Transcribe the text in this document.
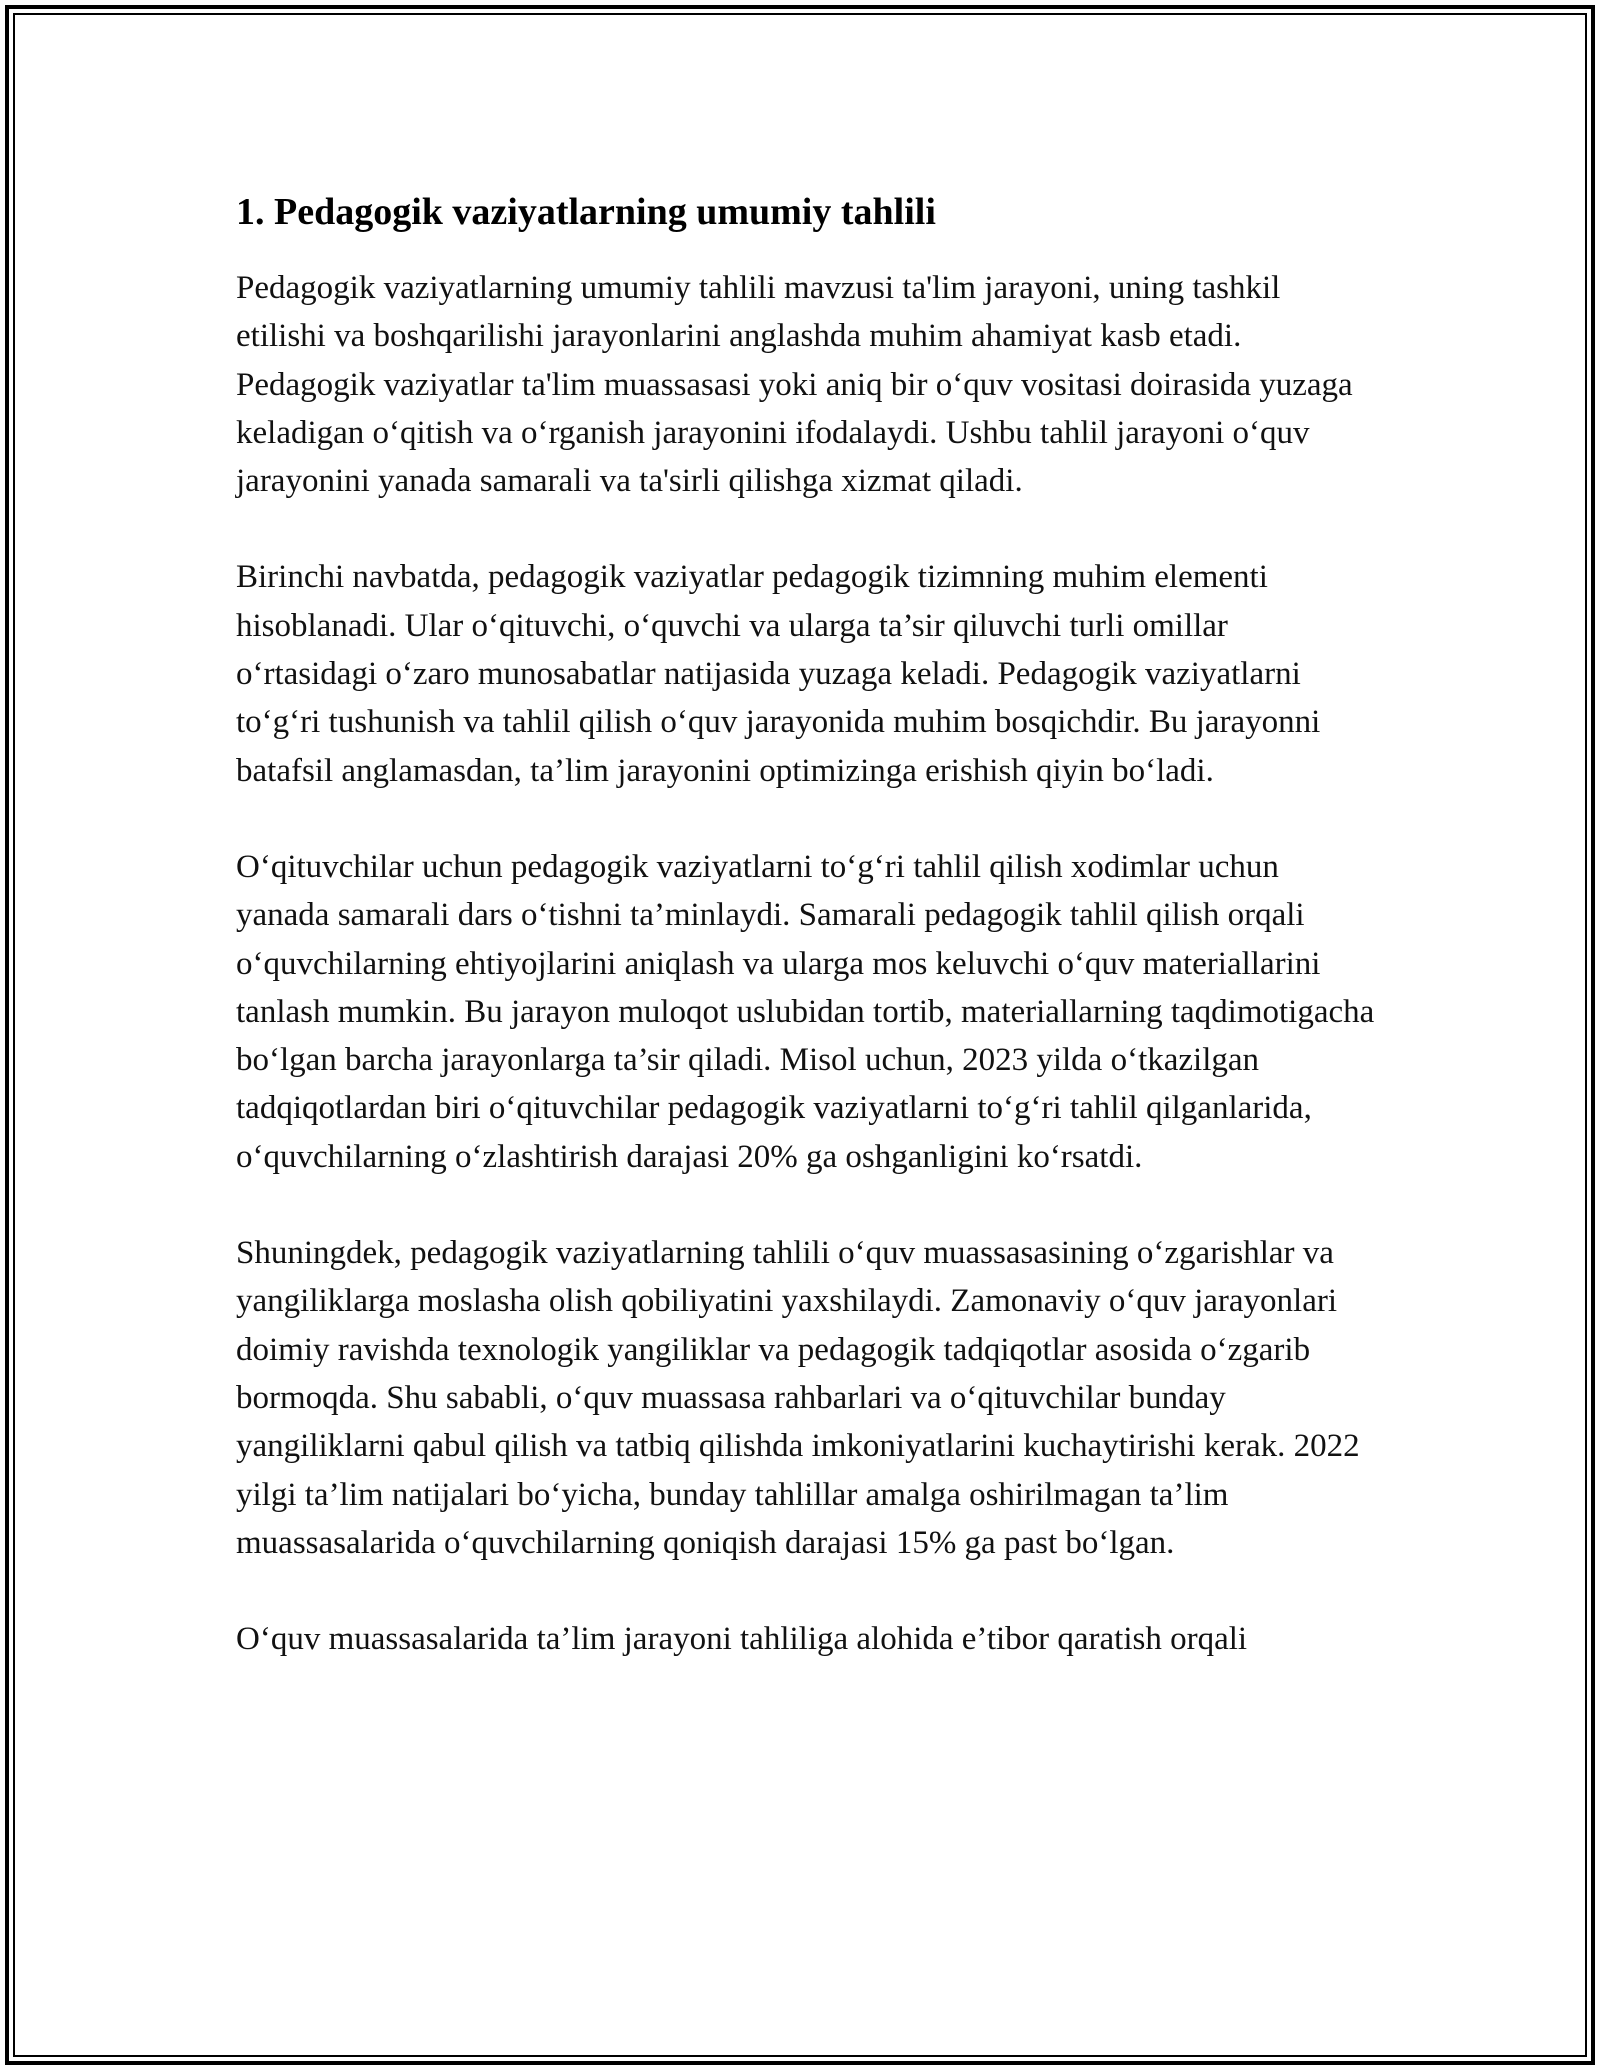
1. Pedagogik vaziyatlarning umumiy tahlili

Pedagogik vaziyatlarning umumiy tahlili mavzusi ta'lim jarayoni, uning tashkil etilishi va boshqarilishi jarayonlarini anglashda muhim ahamiyat kasb etadi. Pedagogik vaziyatlar ta'lim muassasasi yoki aniq bir oʻquv vositasi doirasida yuzaga keladigan oʻqitish va oʻrganish jarayonini ifodalaydi. Ushbu tahlil jarayoni oʻquv jarayonini yanada samarali va ta'sirli qilishga xizmat qiladi.

Birinchi navbatda, pedagogik vaziyatlar pedagogik tizimning muhim elementi hisoblanadi. Ular oʻqituvchi, oʻquvchi va ularga ta’sir qiluvchi turli omillar oʻrtasidagi oʻzaro munosabatlar natijasida yuzaga keladi. Pedagogik vaziyatlarni toʻgʻri tushunish va tahlil qilish oʻquv jarayonida muhim bosqichdir. Bu jarayonni batafsil anglamasdan, ta’lim jarayonini optimizinga erishish qiyin boʻladi.

Oʻqituvchilar uchun pedagogik vaziyatlarni toʻgʻri tahlil qilish xodimlar uchun yanada samarali dars oʻtishni ta’minlaydi. Samarali pedagogik tahlil qilish orqali oʻquvchilarning ehtiyojlarini aniqlash va ularga mos keluvchi oʻquv materiallarini tanlash mumkin. Bu jarayon muloqot uslubidan tortib, materiallarning taqdimotigacha boʻlgan barcha jarayonlarga ta’sir qiladi. Misol uchun, 2023 yilda oʻtkazilgan tadqiqotlardan biri oʻqituvchilar pedagogik vaziyatlarni toʻgʻri tahlil qilganlarida, oʻquvchilarning oʻzlashtirish darajasi 20% ga oshganligini koʻrsatdi.

Shuningdek, pedagogik vaziyatlarning tahlili oʻquv muassasasining oʻzgarishlar va yangiliklarga moslasha olish qobiliyatini yaxshilaydi. Zamonaviy oʻquv jarayonlari doimiy ravishda texnologik yangiliklar va pedagogik tadqiqotlar asosida oʻzgarib bormoqda. Shu sababli, oʻquv muassasa rahbarlari va oʻqituvchilar bunday yangiliklarni qabul qilish va tatbiq qilishda imkoniyatlarini kuchaytirishi kerak. 2022 yilgi ta’lim natijalari boʻyicha, bunday tahlillar amalga oshirilmagan ta’lim muassasalarida oʻquvchilarning qoniqish darajasi 15% ga past boʻlgan.

Oʻquv muassasalarida ta’lim jarayoni tahliliga alohida e’tibor qaratish orqali
